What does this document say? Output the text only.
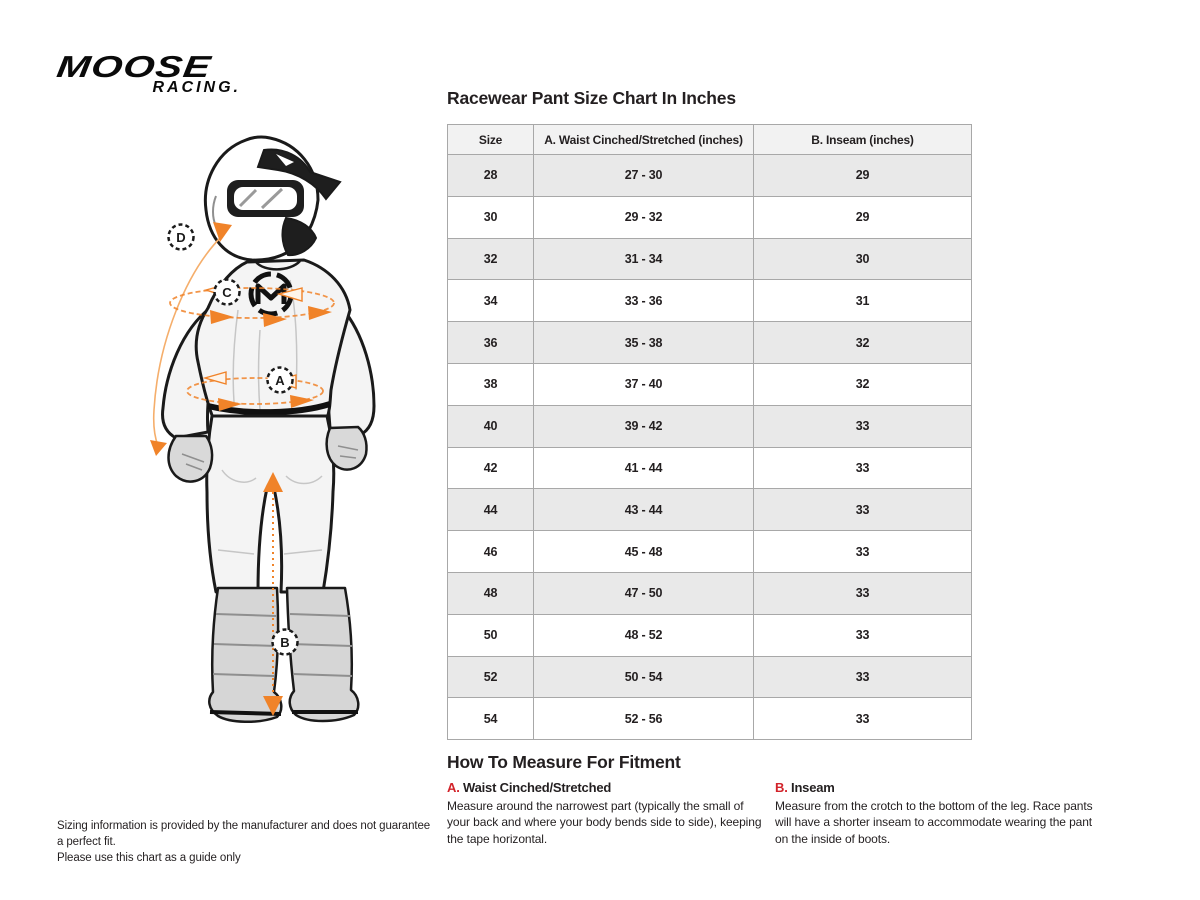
MOOSE
RACING.
D
C
A
B
Racewear Pant Size Chart In Inches
Size	A. Waist Cinched/Stretched (inches)	B. Inseam (inches)
28	27 - 30	29
30	29 - 32	29
32	31 - 34	30
34	33 - 36	31
36	35 - 38	32
38	37 - 40	32
40	39 - 42	33
42	41 - 44	33
44	43 - 44	33
46	45 - 48	33
48	47 - 50	33
50	48 - 52	33
52	50 - 54	33
54	52 - 56	33
How To Measure For Fitment
A. Waist Cinched/Stretched
Measure around the narrowest part (typically the small of your back and where your body bends side to side), keeping the tape horizontal.
B. Inseam
Measure from the crotch to the bottom of the leg. Race pants will have a shorter inseam to accommodate wearing the pant on the inside of boots.
Sizing information is provided by the manufacturer and does not guarantee a perfect fit.
Please use this chart as a guide only
